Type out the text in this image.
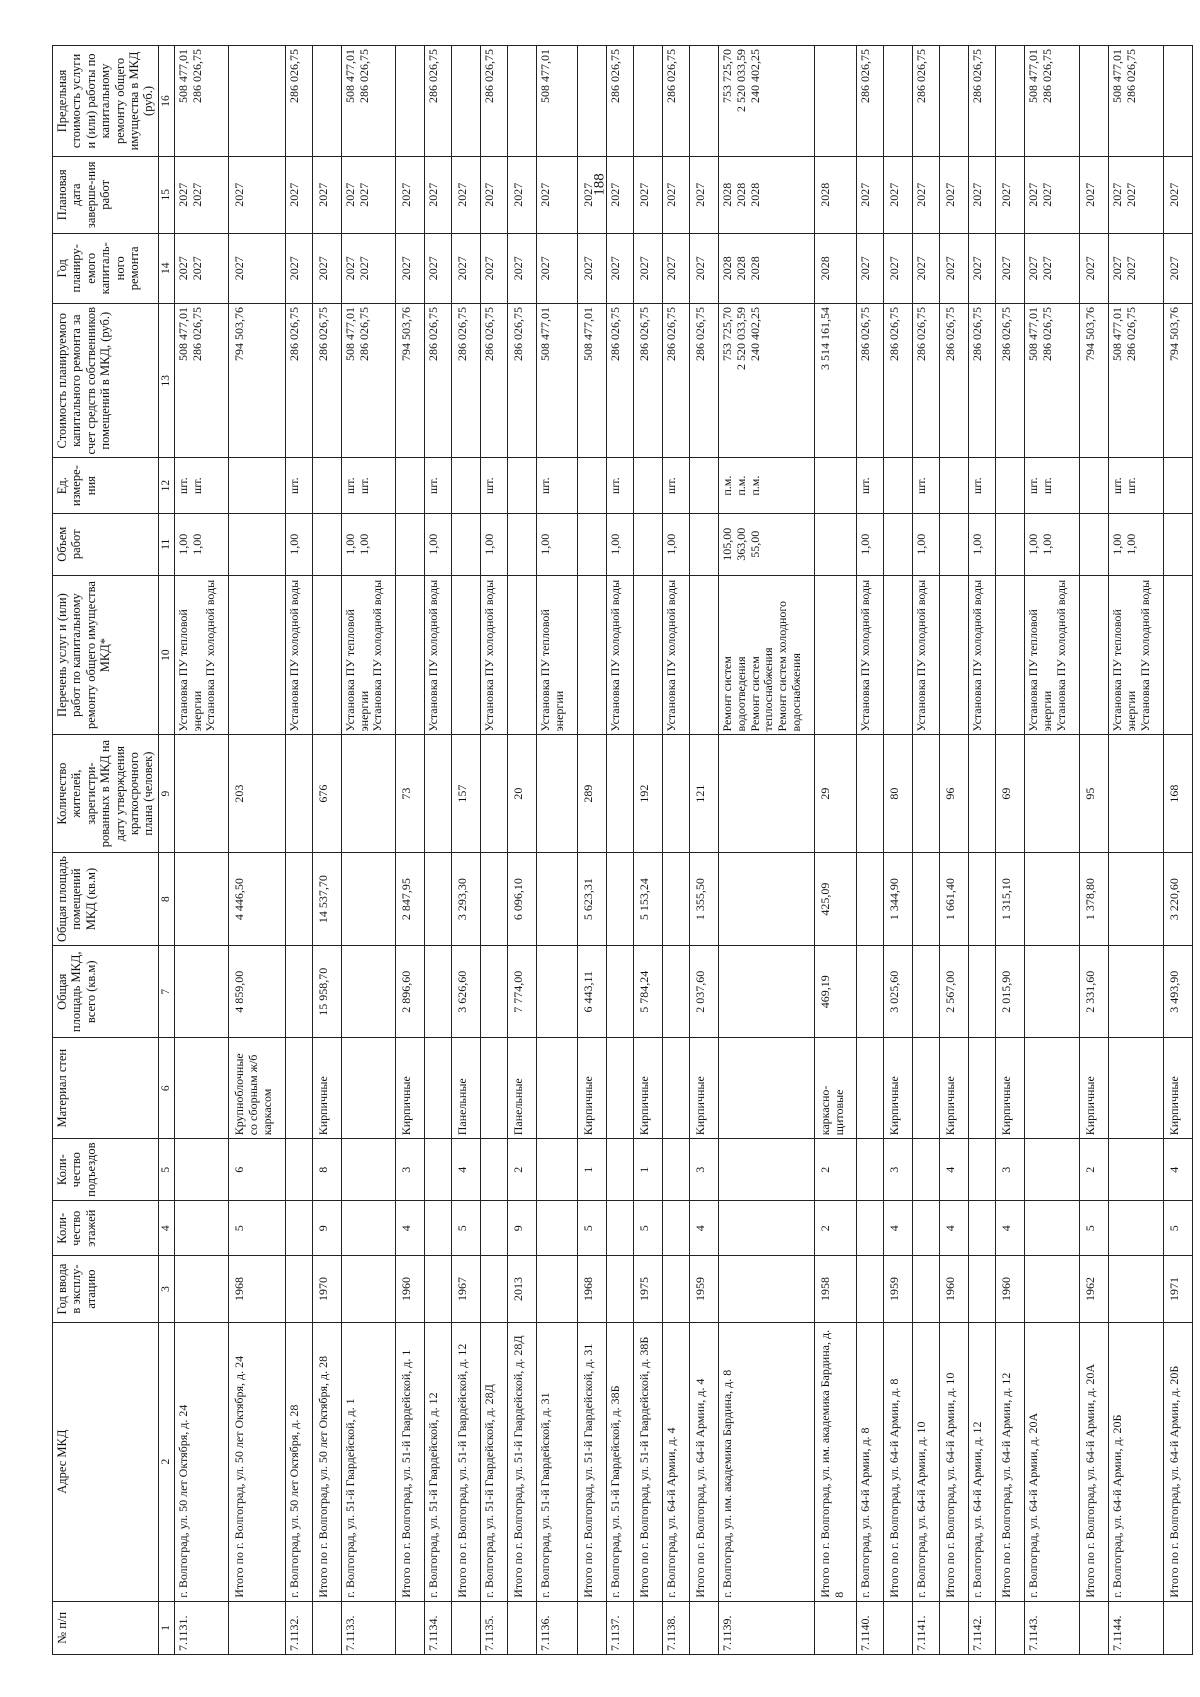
188
№ п/п	Адрес МКД	Год ввода в эксплу-атацию	Коли-чество этажей	Коли-чество подъездов	Материал стен	Общая площадь МКД, всего (кв.м)	Общая площадь помещений МКД (кв.м)	Количество жителей, зарегистри-рованных в МКД на дату утверждения краткосрочного плана (человек)	Перечень услуг и (или) работ по капитальному ремонту общего имущества МКД*	Объем работ	Ед. измере-ния	Стоимость планируемого капитального ремонта за счет средств собственников помещений в МКД, (руб.)	Год планиру-емого капиталь-ного ремонта	Плановая дата заверше-ния работ	Предельная стоимость услуги и (или) работы по капитальному ремонту общего имущества в МКД (руб.)
1	2	3	4	5	6	7	8	9	10	11	12	13	14	15	16
7.1131.	г. Волгоград, ул. 50 лет Октября, д. 24								Установка ПУ тепловой энергии Установка ПУ холодной воды	1,00 1,00	шт. шт.	508 477,01 286 026,75	2027 2027	2027 2027	508 477,01 286 026,75

	Итого по г. Волгоград, ул. 50 лет Октября, д. 24	1968	5	6	Крупноблочные со сборным ж/б каркасом	4 859,00	4 446,50	203				794 503,76	2027	2027	

7.1132.	г. Волгоград, ул. 50 лет Октября, д. 28								Установка ПУ холодной воды	1,00	шт.	286 026,75	2027	2027	286 026,75

	Итого по г. Волгоград, ул. 50 лет Октября, д. 28	1970	9	8	Кирпичные	15 958,70	14 537,70	676				286 026,75	2027	2027	

7.1133.	г. Волгоград, ул. 51-й Гвардейской, д. 1								Установка ПУ тепловой энергии Установка ПУ холодной воды	1,00 1,00	шт. шт.	508 477,01 286 026,75	2027 2027	2027 2027	508 477,01 286 026,75

	Итого по г. Волгоград, ул. 51-й Гвардейской, д. 1	1960	4	3	Кирпичные	2 896,60	2 847,95	73				794 503,76	2027	2027	

7.1134.	г. Волгоград, ул. 51-й Гвардейской, д. 12								Установка ПУ холодной воды	1,00	шт.	286 026,75	2027	2027	286 026,75

	Итого по г. Волгоград, ул. 51-й Гвардейской, д. 12	1967	5	4	Панельные	3 626,60	3 293,30	157				286 026,75	2027	2027	

7.1135.	г. Волгоград, ул. 51-й Гвардейской, д. 28Д								Установка ПУ холодной воды	1,00	шт.	286 026,75	2027	2027	286 026,75

	Итого по г. Волгоград, ул. 51-й Гвардейской, д. 28Д	2013	9	2	Панельные	7 774,00	6 096,10	20				286 026,75	2027	2027	

7.1136.	г. Волгоград, ул. 51-й Гвардейской, д. 31								Установка ПУ тепловой энергии	1,00	шт.	508 477,01	2027	2027	508 477,01

	Итого по г. Волгоград, ул. 51-й Гвардейской, д. 31	1968	5	1	Кирпичные	6 443,11	5 623,31	289				508 477,01	2027	2027	

7.1137.	г. Волгоград, ул. 51-й Гвардейской, д. 38Б								Установка ПУ холодной воды	1,00	шт.	286 026,75	2027	2027	286 026,75

	Итого по г. Волгоград, ул. 51-й Гвардейской, д. 38Б	1975	5	1	Кирпичные	5 784,24	5 153,24	192				286 026,75	2027	2027	

7.1138.	г. Волгоград, ул. 64-й Армии, д. 4								Установка ПУ холодной воды	1,00	шт.	286 026,75	2027	2027	286 026,75

	Итого по г. Волгоград, ул. 64-й Армии, д. 4	1959	4	3	Кирпичные	2 037,60	1 355,50	121				286 026,75	2027	2027	

7.1139.	г. Волгоград, ул. им. академика Бардина, д. 8								Ремонт систем водоотведения Ремонт систем теплоснабжения Ремонт систем холодного водоснабжения	105,00 363,00 55,00	п.м. п.м. п.м.	753 725,70 2 520 033,59 240 402,25	2028 2028 2028	2028 2028 2028	753 725,70 2 520 033,59 240 402,25

	Итого по г. Волгоград, ул. им. академика Бардина, д. 8	1958	2	2	каркасно-щитовые	469,19	425,09	29				3 514 161,54	2028	2028	

7.1140.	г. Волгоград, ул. 64-й Армии, д. 8								Установка ПУ холодной воды	1,00	шт.	286 026,75	2027	2027	286 026,75

	Итого по г. Волгоград, ул. 64-й Армии, д. 8	1959	4	3	Кирпичные	3 025,60	1 344,90	80				286 026,75	2027	2027	

7.1141.	г. Волгоград, ул. 64-й Армии, д. 10								Установка ПУ холодной воды	1,00	шт.	286 026,75	2027	2027	286 026,75

	Итого по г. Волгоград, ул. 64-й Армии, д. 10	1960	4	4	Кирпичные	2 567,00	1 661,40	96				286 026,75	2027	2027	

7.1142.	г. Волгоград, ул. 64-й Армии, д. 12								Установка ПУ холодной воды	1,00	шт.	286 026,75	2027	2027	286 026,75

	Итого по г. Волгоград, ул. 64-й Армии, д. 12	1960	4	3	Кирпичные	2 015,90	1 315,10	69				286 026,75	2027	2027	

7.1143.	г. Волгоград, ул. 64-й Армии, д. 20А								Установка ПУ тепловой энергии Установка ПУ холодной воды	1,00 1,00	шт. шт.	508 477,01 286 026,75	2027 2027	2027 2027	508 477,01 286 026,75

	Итого по г. Волгоград, ул. 64-й Армии, д. 20А	1962	5	2	Кирпичные	2 331,60	1 378,80	95				794 503,76	2027	2027	

7.1144.	г. Волгоград, ул. 64-й Армии, д. 20Б								Установка ПУ тепловой энергии Установка ПУ холодной воды	1,00 1,00	шт. шт.	508 477,01 286 026,75	2027 2027	2027 2027	508 477,01 286 026,75

	Итого по г. Волгоград, ул. 64-й Армии, д. 20Б	1971	5	4	Кирпичные	3 493,90	3 220,60	168				794 503,76	2027	2027	
